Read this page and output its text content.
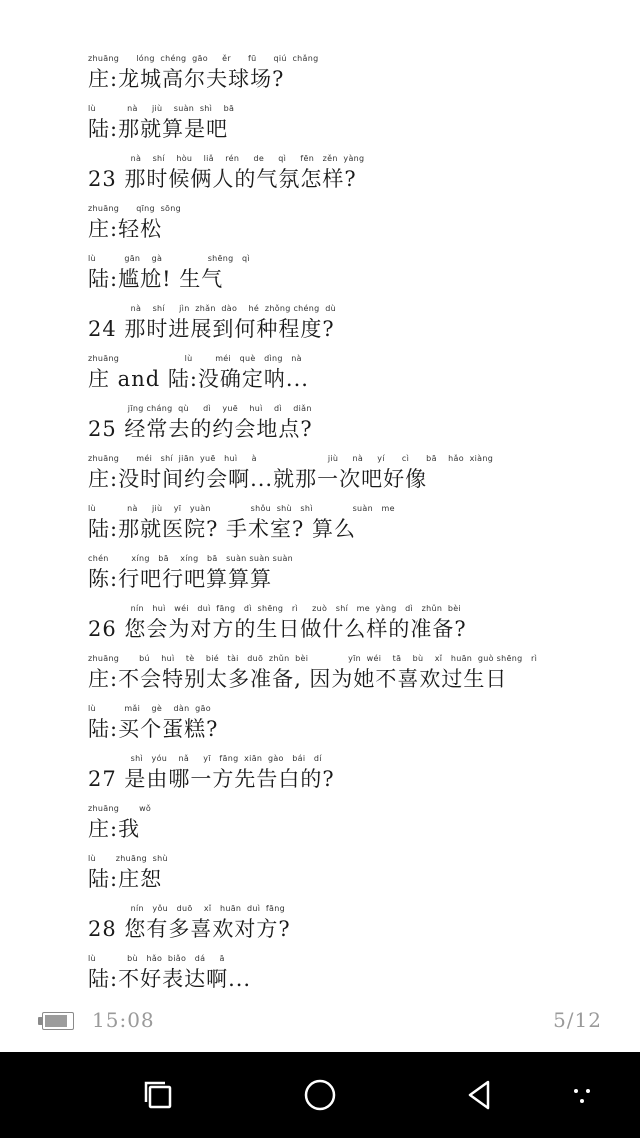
zhuāng      lóng  chéng  gāo     ěr      fū      qiú  chǎng
庄:龙城高尔夫球场?
lù           nà     jiù    suàn  shì    bā
陆:那就算是吧
nà    shí    hòu    liǎ    rén     de     qì     fēn   zěn  yàng
23 那时候俩人的气氛怎样?
zhuāng      qīng  sōng
庄:轻松
lù          gān    gà                shēng   qì
陆:尴尬! 生气
nà    shí     jìn  zhǎn  dào    hé  zhǒng chéng  dù
24 那时进展到何种程度?
zhuāng                       lù        méi   què   dìng   nà
庄 and 陆:没确定呐...
jīng cháng  qù     dì    yuē    huì    dì    diǎn
25 经常去的约会地点?
zhuāng      méi   shí  jiān  yuē   huì     à                         jiù     nà     yí      cì      bā    hǎo  xiàng
庄:没时间约会啊...就那一次吧好像
lù           nà     jiù    yī   yuàn              shǒu  shù   shì              suàn   me
陆:那就医院? 手术室? 算么
chén        xíng   bā    xíng   bā   suàn suàn suàn
陈:行吧行吧算算算
nín   huì   wéi   duì  fāng   dì  shēng   rì     zuò   shí   me  yàng   dì   zhǔn  bèi
26 您会为对方的生日做什么样的准备?
zhuāng       bú    huì    tè    bié   tài   duō  zhǔn  bèi              yīn  wéi    tā    bù    xǐ   huān  guò shēng   rì
庄:不会特别太多准备, 因为她不喜欢过生日
lù          mǎi    gè    dàn  gāo
陆:买个蛋糕?
shì   yóu    nǎ     yī   fāng  xiān  gào   bái   dí
27 是由哪一方先告白的?
zhuāng       wǒ
庄:我
lù       zhuāng  shù
陆:庄恕
nín   yǒu   duō    xǐ   huān  duì  fāng
28 您有多喜欢对方?
lù           bù   hǎo  biǎo   dá     ā
陆:不好表达啊...
15:08	5/12
